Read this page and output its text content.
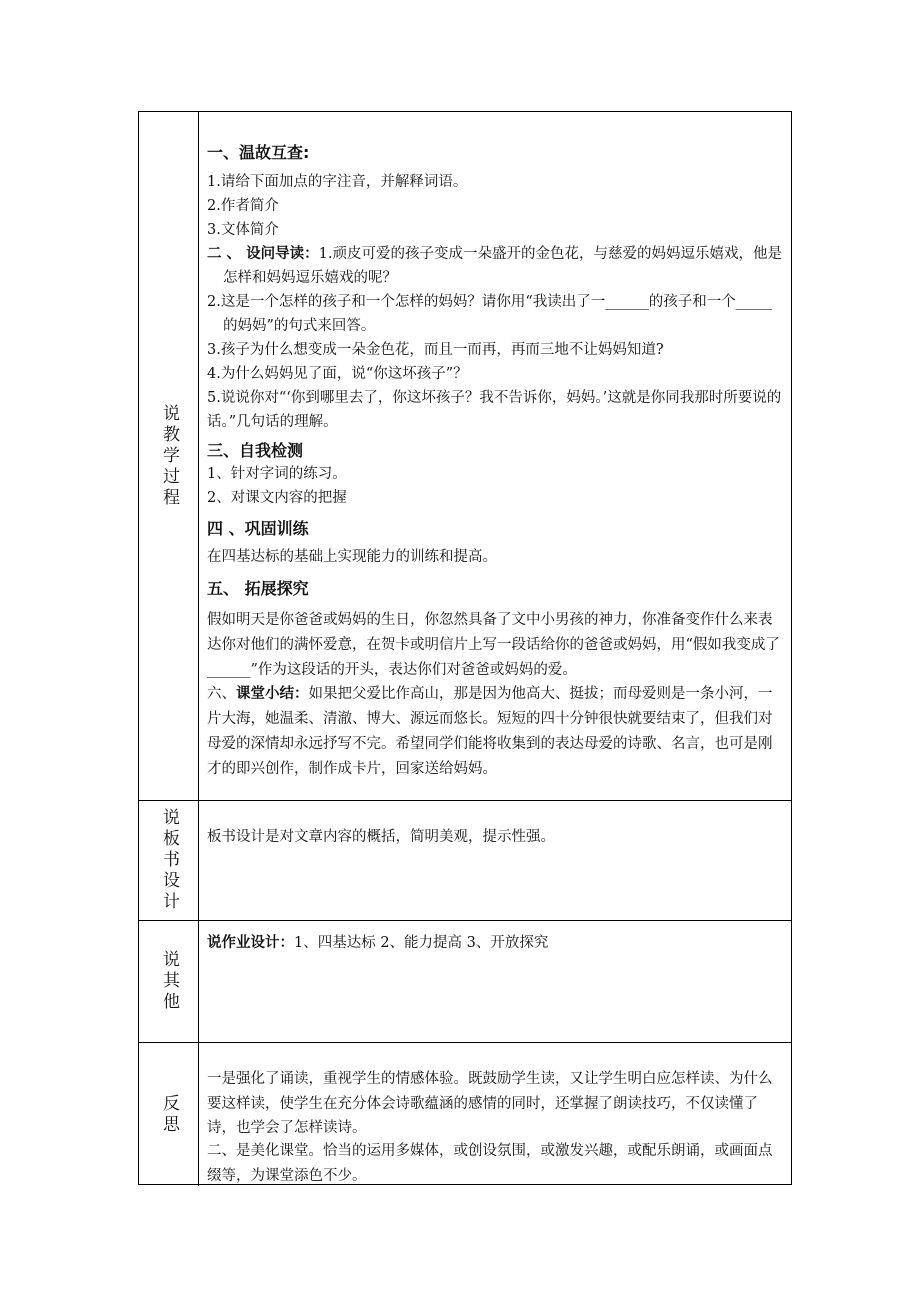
说教学过程
一、温故互查:
1.请给下面加点的字注音，并解释词语。
2.作者简介
3.文体简介
二 、 设问导读：1.顽皮可爱的孩子变成一朵盛开的金色花，与慈爱的妈妈逗乐嬉戏，他是怎样和妈妈逗乐嬉戏的呢？
2.这是一个怎样的孩子和一个怎样的妈妈？请你用“我读出了一______的孩子和一个_____的妈妈”的句式来回答。
3.孩子为什么想变成一朵金色花，而且一而再，再而三地不让妈妈知道?
4.为什么妈妈见了面，说“你这坏孩子”？
5.说说你对“‘你到哪里去了，你这坏孩子？我不告诉你，妈妈。’这就是你同我那时所要说的话。”几句话的理解。
三、自我检测
1、针对字词的练习。
2、对课文内容的把握
四 、巩固训练
在四基达标的基础上实现能力的训练和提高。
五、 拓展探究
假如明天是你爸爸或妈妈的生日，你忽然具备了文中小男孩的神力，你准备变作什么来表达你对他们的满怀爱意，在贺卡或明信片上写一段话给你的爸爸或妈妈，用“假如我变成了______”作为这段话的开头，表达你们对爸爸或妈妈的爱。
六、课堂小结：如果把父爱比作高山，那是因为他高大、挺拔；而母爱则是一条小河，一片大海，她温柔、清澈、博大、源远而悠长。短短的四十分钟很快就要结束了，但我们对母爱的深情却永远抒写不完。希望同学们能将收集到的表达母爱的诗歌、名言，也可是刚才的即兴创作，制作成卡片，回家送给妈妈。
说板书设计 板书设计是对文章内容的概括，简明美观，提示性强。
说其他
说作业设计：1、四基达标 2、能力提高 3、开放探究
反思
一是强化了诵读，重视学生的情感体验。既鼓励学生读，又让学生明白应怎样读、为什么要这样读，使学生在充分体会诗歌蕴涵的感情的同时，还掌握了朗读技巧，不仅读懂了诗，也学会了怎样读诗。
二、是美化课堂。恰当的运用多媒体，或创设氛围，或激发兴趣，或配乐朗诵，或画面点缀等，为课堂添色不少。
